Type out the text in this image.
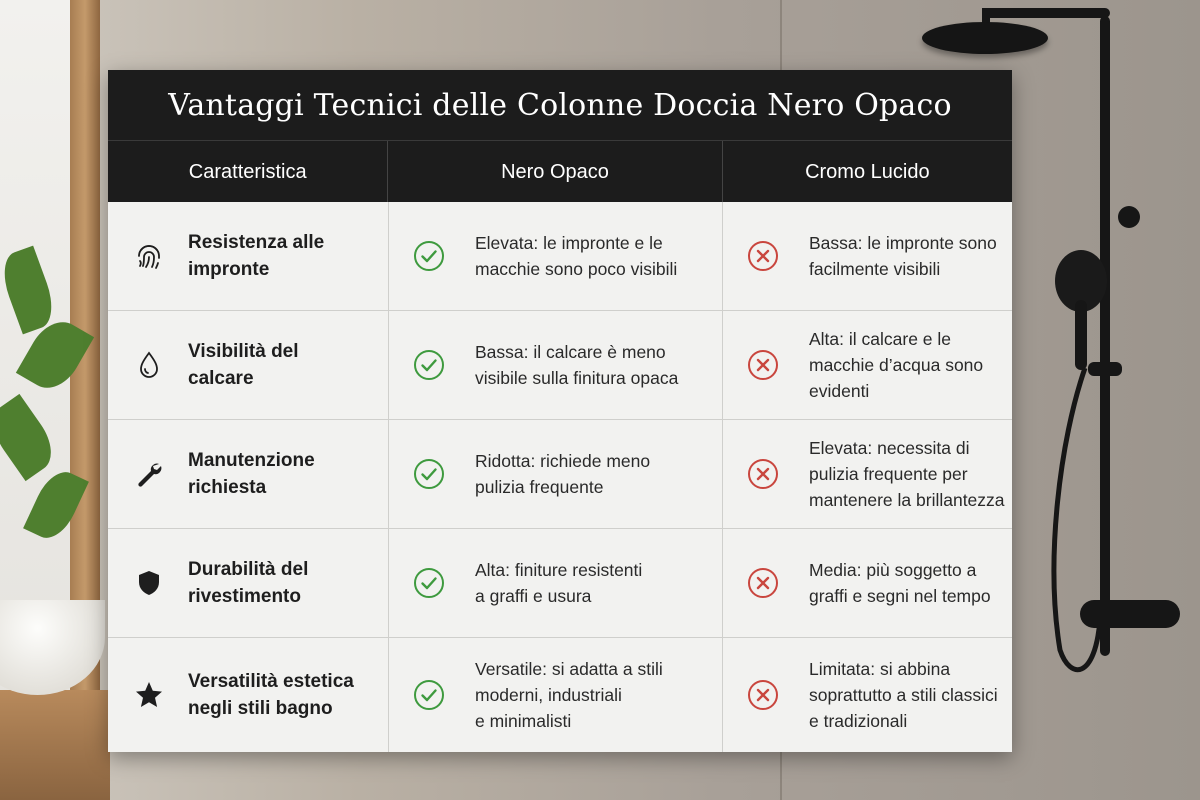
Vantaggi Tecnici delle Colonne Doccia Nero Opaco
Caratteristica	Nero Opaco	Cromo Lucido
Resistenza alle
impronte
Elevata: le impronte e le
macchie sono poco visibili
Bassa: le impronte sono
facilmente visibili
Visibilità del
calcare
Bassa: il calcare è meno
visibile sulla finitura opaca
Alta: il calcare e le
macchie d’acqua sono
evidenti
Manutenzione
richiesta
Ridotta: richiede meno
pulizia frequente
Elevata: necessita di
pulizia frequente per
mantenere la brillantezza
Durabilità del
rivestimento
Alta: finiture resistenti
a graffi e usura
Media: più soggetto a
graffi e segni nel tempo
Versatilità estetica
negli stili bagno
Versatile: si adatta a stili
moderni, industriali
e minimalisti
Limitata: si abbina
soprattutto a stili classici
e tradizionali
